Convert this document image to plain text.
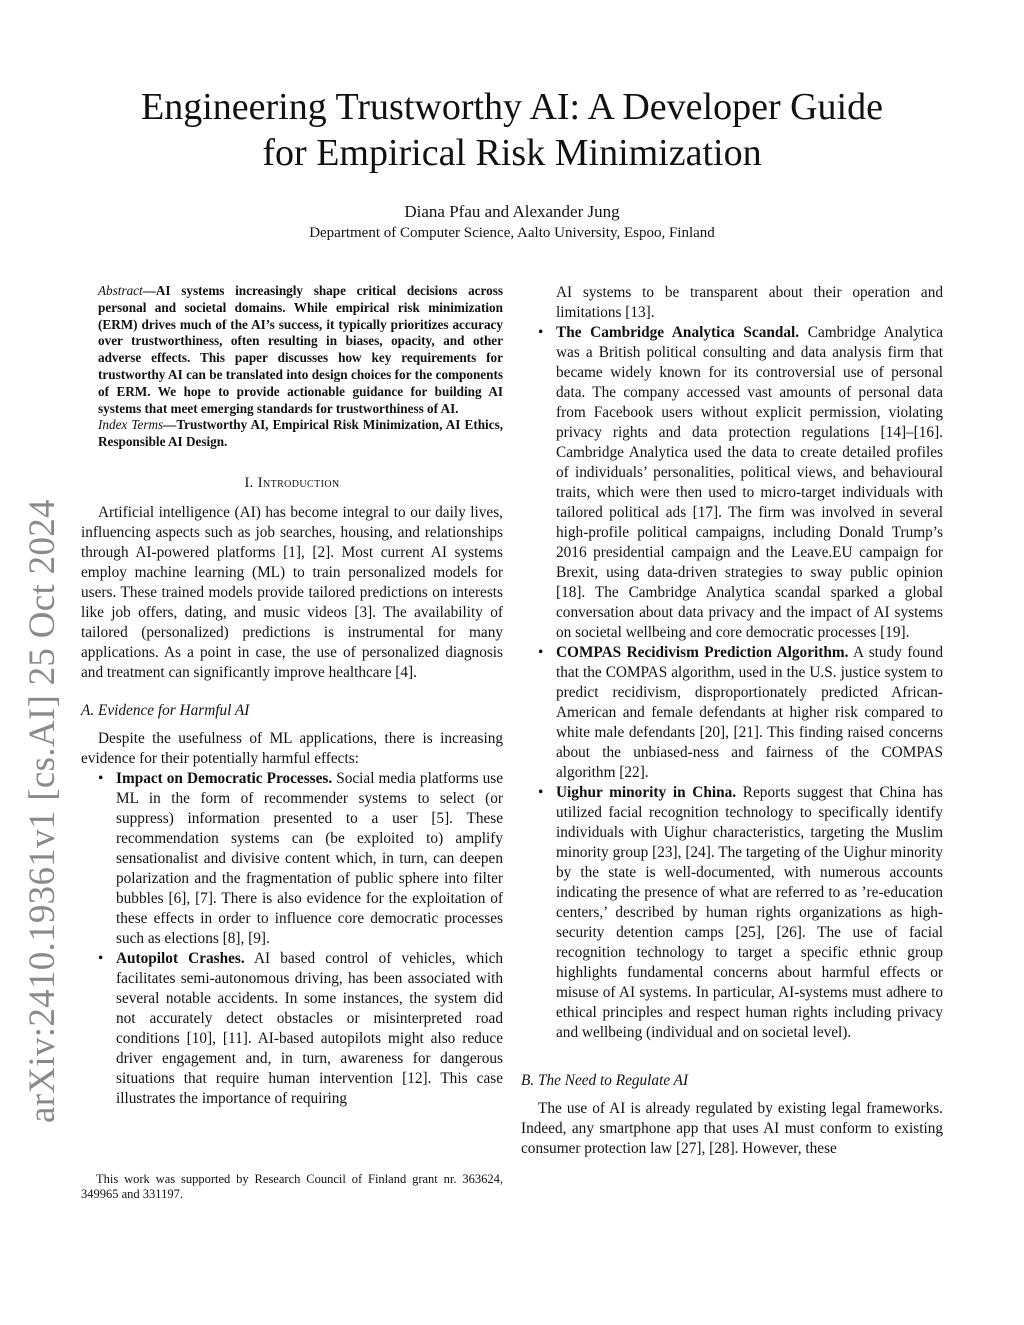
arXiv:2410.19361v1 [cs.AI] 25 Oct 2024
Engineering Trustworthy AI: A Developer Guide
for Empirical Risk Minimization
Diana Pfau and Alexander Jung
Department of Computer Science, Aalto University, Espoo, Finland

Abstract—AI systems increasingly shape critical decisions across personal and societal domains. While empirical risk minimization (ERM) drives much of the AI’s success, it typically prioritizes accuracy over trustworthiness, often resulting in biases, opacity, and other adverse effects. This paper discusses how key requirements for trustworthy AI can be translated into design choices for the components of ERM. We hope to provide actionable guidance for building AI systems that meet emerging standards for trustworthiness of AI.

Index Terms—Trustworthy AI, Empirical Risk Minimization, AI Ethics, Responsible AI Design.

I. Introduction

Artificial intelligence (AI) has become integral to our daily lives, influencing aspects such as job searches, housing, and relationships through AI-powered platforms [1], [2]. Most current AI systems employ machine learning (ML) to train personalized models for users. These trained models provide tailored predictions on interests like job offers, dating, and music videos [3]. The availability of tailored (personalized) predictions is instrumental for many applications. As a point in case, the use of personalized diagnosis and treatment can significantly improve healthcare [4].

A. Evidence for Harmful AI

Despite the usefulness of ML applications, there is increasing evidence for their potentially harmful effects:

• Impact on Democratic Processes. Social media platforms use ML in the form of recommender systems to select (or suppress) information presented to a user [5]. These recommendation systems can (be exploited to) amplify sensationalist and divisive content which, in turn, can deepen polarization and the fragmentation of public sphere into filter bubbles [6], [7]. There is also evidence for the exploitation of these effects in order to influence core democratic processes such as elections [8], [9].
• Autopilot Crashes. AI based control of vehicles, which facilitates semi-autonomous driving, has been associated with several notable accidents. In some instances, the system did not accurately detect obstacles or misinterpreted road conditions [10], [11]. AI-based autopilots might also reduce driver engagement and, in turn, awareness for dangerous situations that require human intervention [12]. This case illustrates the importance of requiring
This work was supported by Research Council of Finland grant nr. 363624, 349965 and 331197.

AI systems to be transparent about their operation and limitations [13].

• The Cambridge Analytica Scandal. Cambridge Analytica was a British political consulting and data analysis firm that became widely known for its controversial use of personal data. The company accessed vast amounts of personal data from Facebook users without explicit permission, violating privacy rights and data protection regulations [14]–[16]. Cambridge Analytica used the data to create detailed profiles of individuals’ personalities, political views, and behavioural traits, which were then used to micro-target individuals with tailored political ads [17]. The firm was involved in several high-profile political campaigns, including Donald Trump’s 2016 presidential campaign and the Leave.EU campaign for Brexit, using data-driven strategies to sway public opinion [18]. The Cambridge Analytica scandal sparked a global conversation about data privacy and the impact of AI systems on societal wellbeing and core democratic processes [19].
• COMPAS Recidivism Prediction Algorithm. A study found that the COMPAS algorithm, used in the U.S. justice system to predict recidivism, disproportionately predicted African-American and female defendants at higher risk compared to white male defendants [20], [21]. This finding raised concerns about the unbiased-ness and fairness of the COMPAS algorithm [22].
• Uighur minority in China. Reports suggest that China has utilized facial recognition technology to specifically identify individuals with Uighur characteristics, targeting the Muslim minority group [23], [24]. The targeting of the Uighur minority by the state is well-documented, with numerous accounts indicating the presence of what are referred to as ’re-education centers,’ described by human rights organizations as high-security detention camps [25], [26]. The use of facial recognition technology to target a specific ethnic group highlights fundamental concerns about harmful effects or misuse of AI systems. In particular, AI-systems must adhere to ethical principles and respect human rights including privacy and wellbeing (individual and on societal level).
B. The Need to Regulate AI

The use of AI is already regulated by existing legal frameworks. Indeed, any smartphone app that uses AI must conform to existing consumer protection law [27], [28]. However, these
